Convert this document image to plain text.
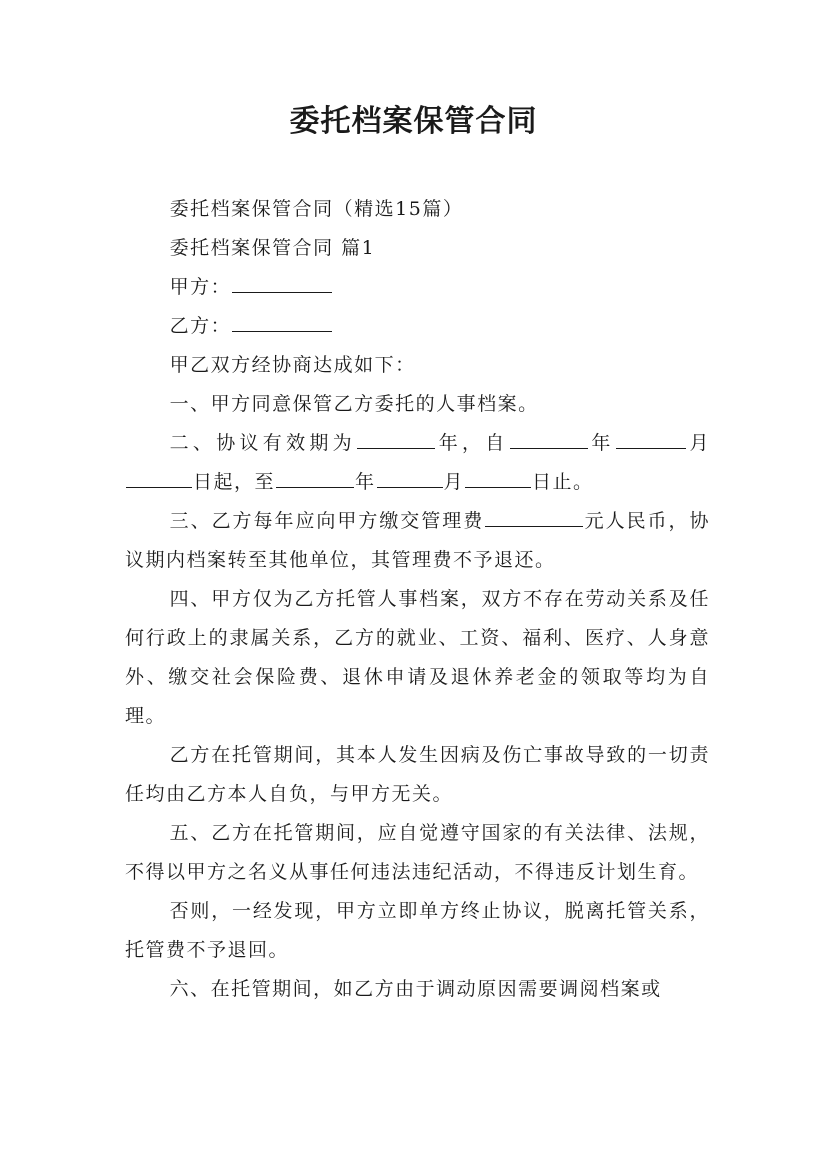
委托档案保管合同

委托档案保管合同（精选15篇）

委托档案保管合同 篇1

甲方：

乙方：

甲乙双方经协商达成如下：

一、甲方同意保管乙方委托的人事档案。

二、协议有效期为	年，自	年	月日起，至	年	月	日止。

三、乙方每年应向甲方缴交管理费	元人民币，协议期内档案转至其他单位，其管理费不予退还。

四、甲方仅为乙方托管人事档案，双方不存在劳动关系及任何行政上的隶属关系，乙方的就业、工资、福利、医疗、人身意外、缴交社会保险费、退休申请及退休养老金的领取等均为自理。

乙方在托管期间，其本人发生因病及伤亡事故导致的一切责任均由乙方本人自负，与甲方无关。

五、乙方在托管期间，应自觉遵守国家的有关法律、法规，不得以甲方之名义从事任何违法违纪活动，不得违反计划生育。

否则，一经发现，甲方立即单方终止协议，脱离托管关系，托管费不予退回。

六、在托管期间，如乙方由于调动原因需要调阅档案或
